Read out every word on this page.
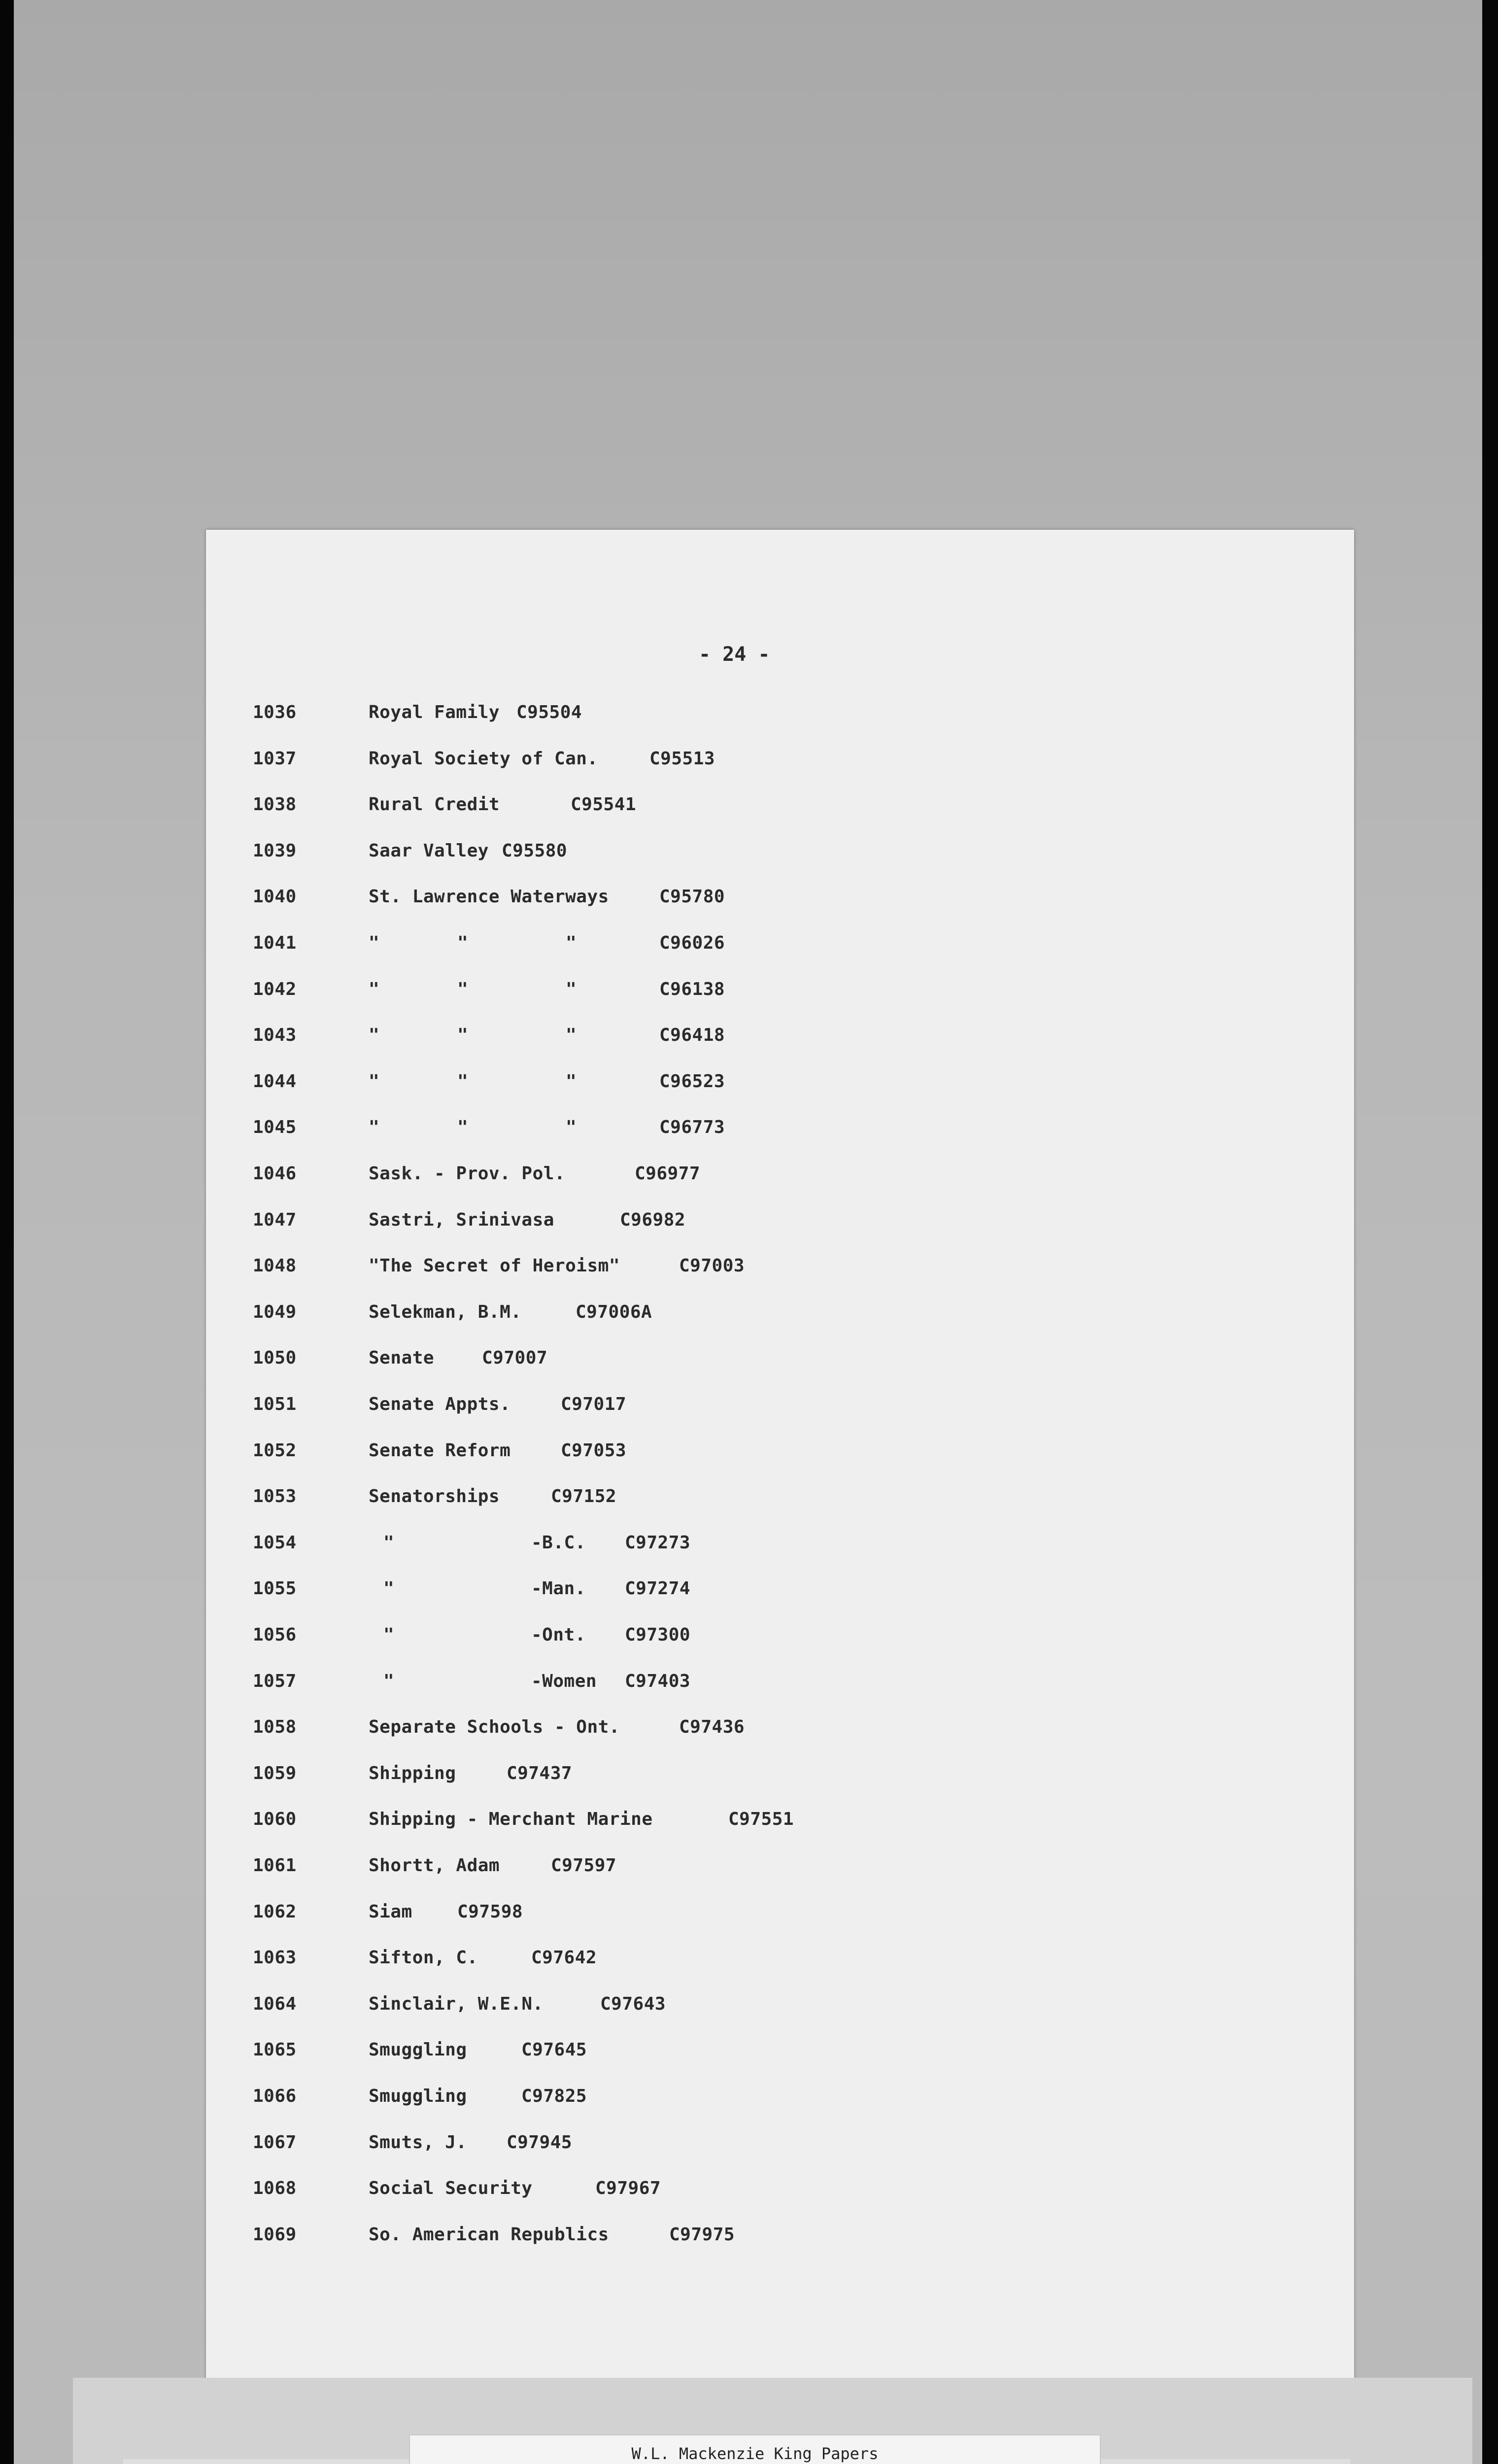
- 24 -
1036	Royal Family C95504
1037	Royal Society of Can.	C95513
1038	Rural Credit	C95541
1039	Saar Valley C95580
1040	St. Lawrence Waterways	C95780
1041	"	"	"	C96026
1042	"	"	"	C96138
1043	"	"	"	C96418
1044	"	"	"	C96523
1045	"	"	"	C96773
1046	Sask. - Prov. Pol.	C96977
1047	Sastri, Srinivasa	C96982
1048	"The Secret of Heroism"	C97003
1049	Selekman, B.M.	C97006A
1050	Senate	C97007
1051	Senate Appts.	C97017
1052	Senate Reform	C97053
1053	Senatorships	C97152
1054	"	-B.C. C97273
1055	"	-Man. C97274
1056	"	-Ont. C97300
1057	"	-Women C97403
1058	Separate Schools - Ont.	C97436
1059	Shipping	C97437
1060	Shipping - Merchant Marine	C97551
1061	Shortt, Adam	C97597
1062	Siam	C97598
1063	Sifton, C.	C97642
1064	Sinclair, W.E.N.	C97643
1065	Smuggling	C97645
1066	Smuggling	C97825
1067	Smuts, J. C97945
1068	Social Security	C97967
1069	So. American Republics	C97975
W.L. Mackenzie King Papers
